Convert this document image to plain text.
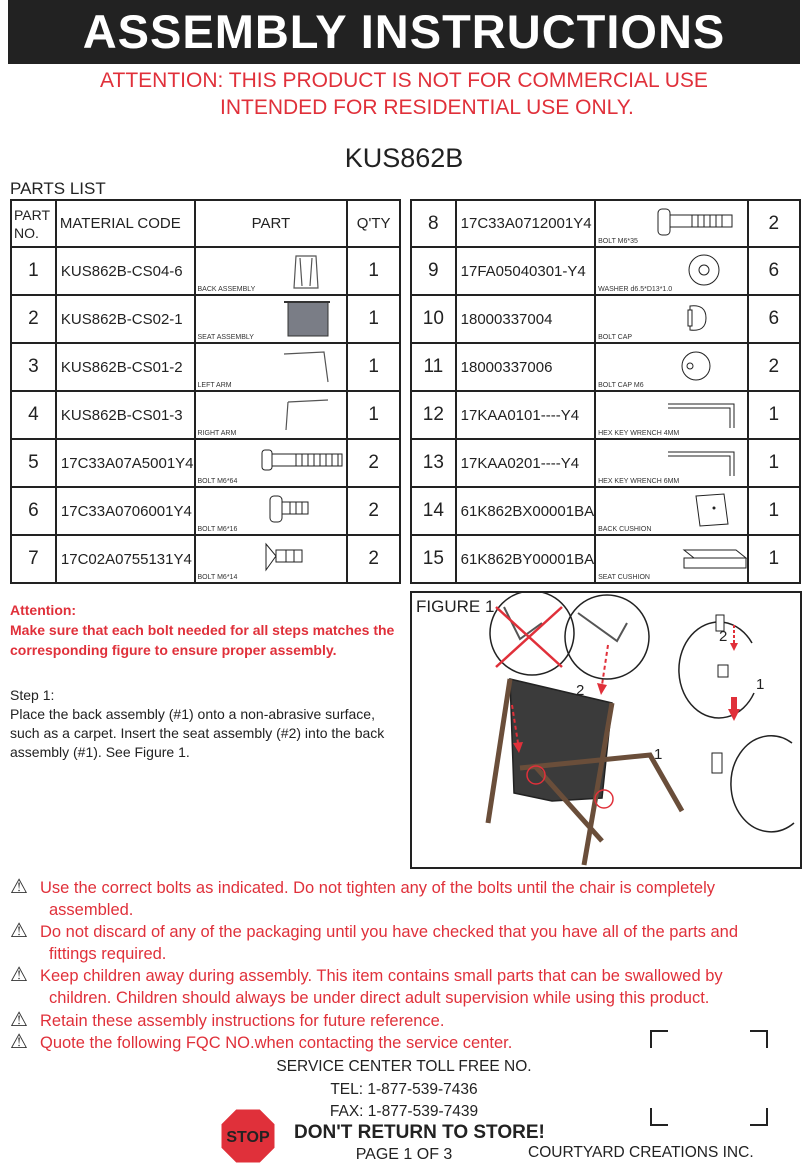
ASSEMBLY INSTRUCTIONS
ATTENTION: THIS PRODUCT IS NOT FOR COMMERCIAL USE
INTENDED FOR RESIDENTIAL USE ONLY.
KUS862B
PARTS LIST
PART NO.	MATERIAL CODE	PART	Q'TY
1	KUS862B-CS04-6	BACK ASSEMBLY	1
2	KUS862B-CS02-1	SEAT ASSEMBLY	1
3	KUS862B-CS01-2	LEFT ARM	1
4	KUS862B-CS01-3	RIGHT ARM	1
5	17C33A07A5001Y4	BOLT M6*64	2
6	17C33A0706001Y4	BOLT M6*16	2
7	17C02A0755131Y4	BOLT M6*14	2
8	17C33A0712001Y4	BOLT M6*35	2
9	17FA05040301-Y4	WASHER d6.5*D13*1.0	6
10	18000337004	BOLT CAP	6
11	18000337006	BOLT CAP M6	2
12	17KAA0101----Y4	HEX KEY WRENCH 4MM	1
13	17KAA0201----Y4	HEX KEY WRENCH 6MM	1
14	61K862BX00001BA	BACK CUSHION	1
15	61K862BY00001BA	SEAT CUSHION	1
Attention:
Make sure that each bolt needed for all steps matches the corresponding figure to ensure proper assembly.
Step 1:
Place the back assembly (#1) onto a non-abrasive surface, such as a carpet. Insert the seat assembly (#2) into the back assembly (#1). See Figure 1.
2
1
2
1
FIGURE 1
⚠ Use the correct bolts as indicated. Do not tighten any of the bolts until the chair is completely
assembled.
⚠ Do not discard of any of the packaging until you have checked that you have all of the parts and
fittings required.
⚠ Keep children away during assembly. This item contains small parts that can be swallowed by
children. Children should always be under direct adult supervision while using this product.
⚠ Retain these assembly instructions for future reference.
⚠ Quote the following FQC NO.when contacting the service center.
SERVICE CENTER TOLL FREE NO.
TEL: 1-877-539-7436
FAX: 1-877-539-7439
STOP DON'T RETURN TO STORE!
PAGE 1 OF 3	COURTYARD CREATIONS INC.
